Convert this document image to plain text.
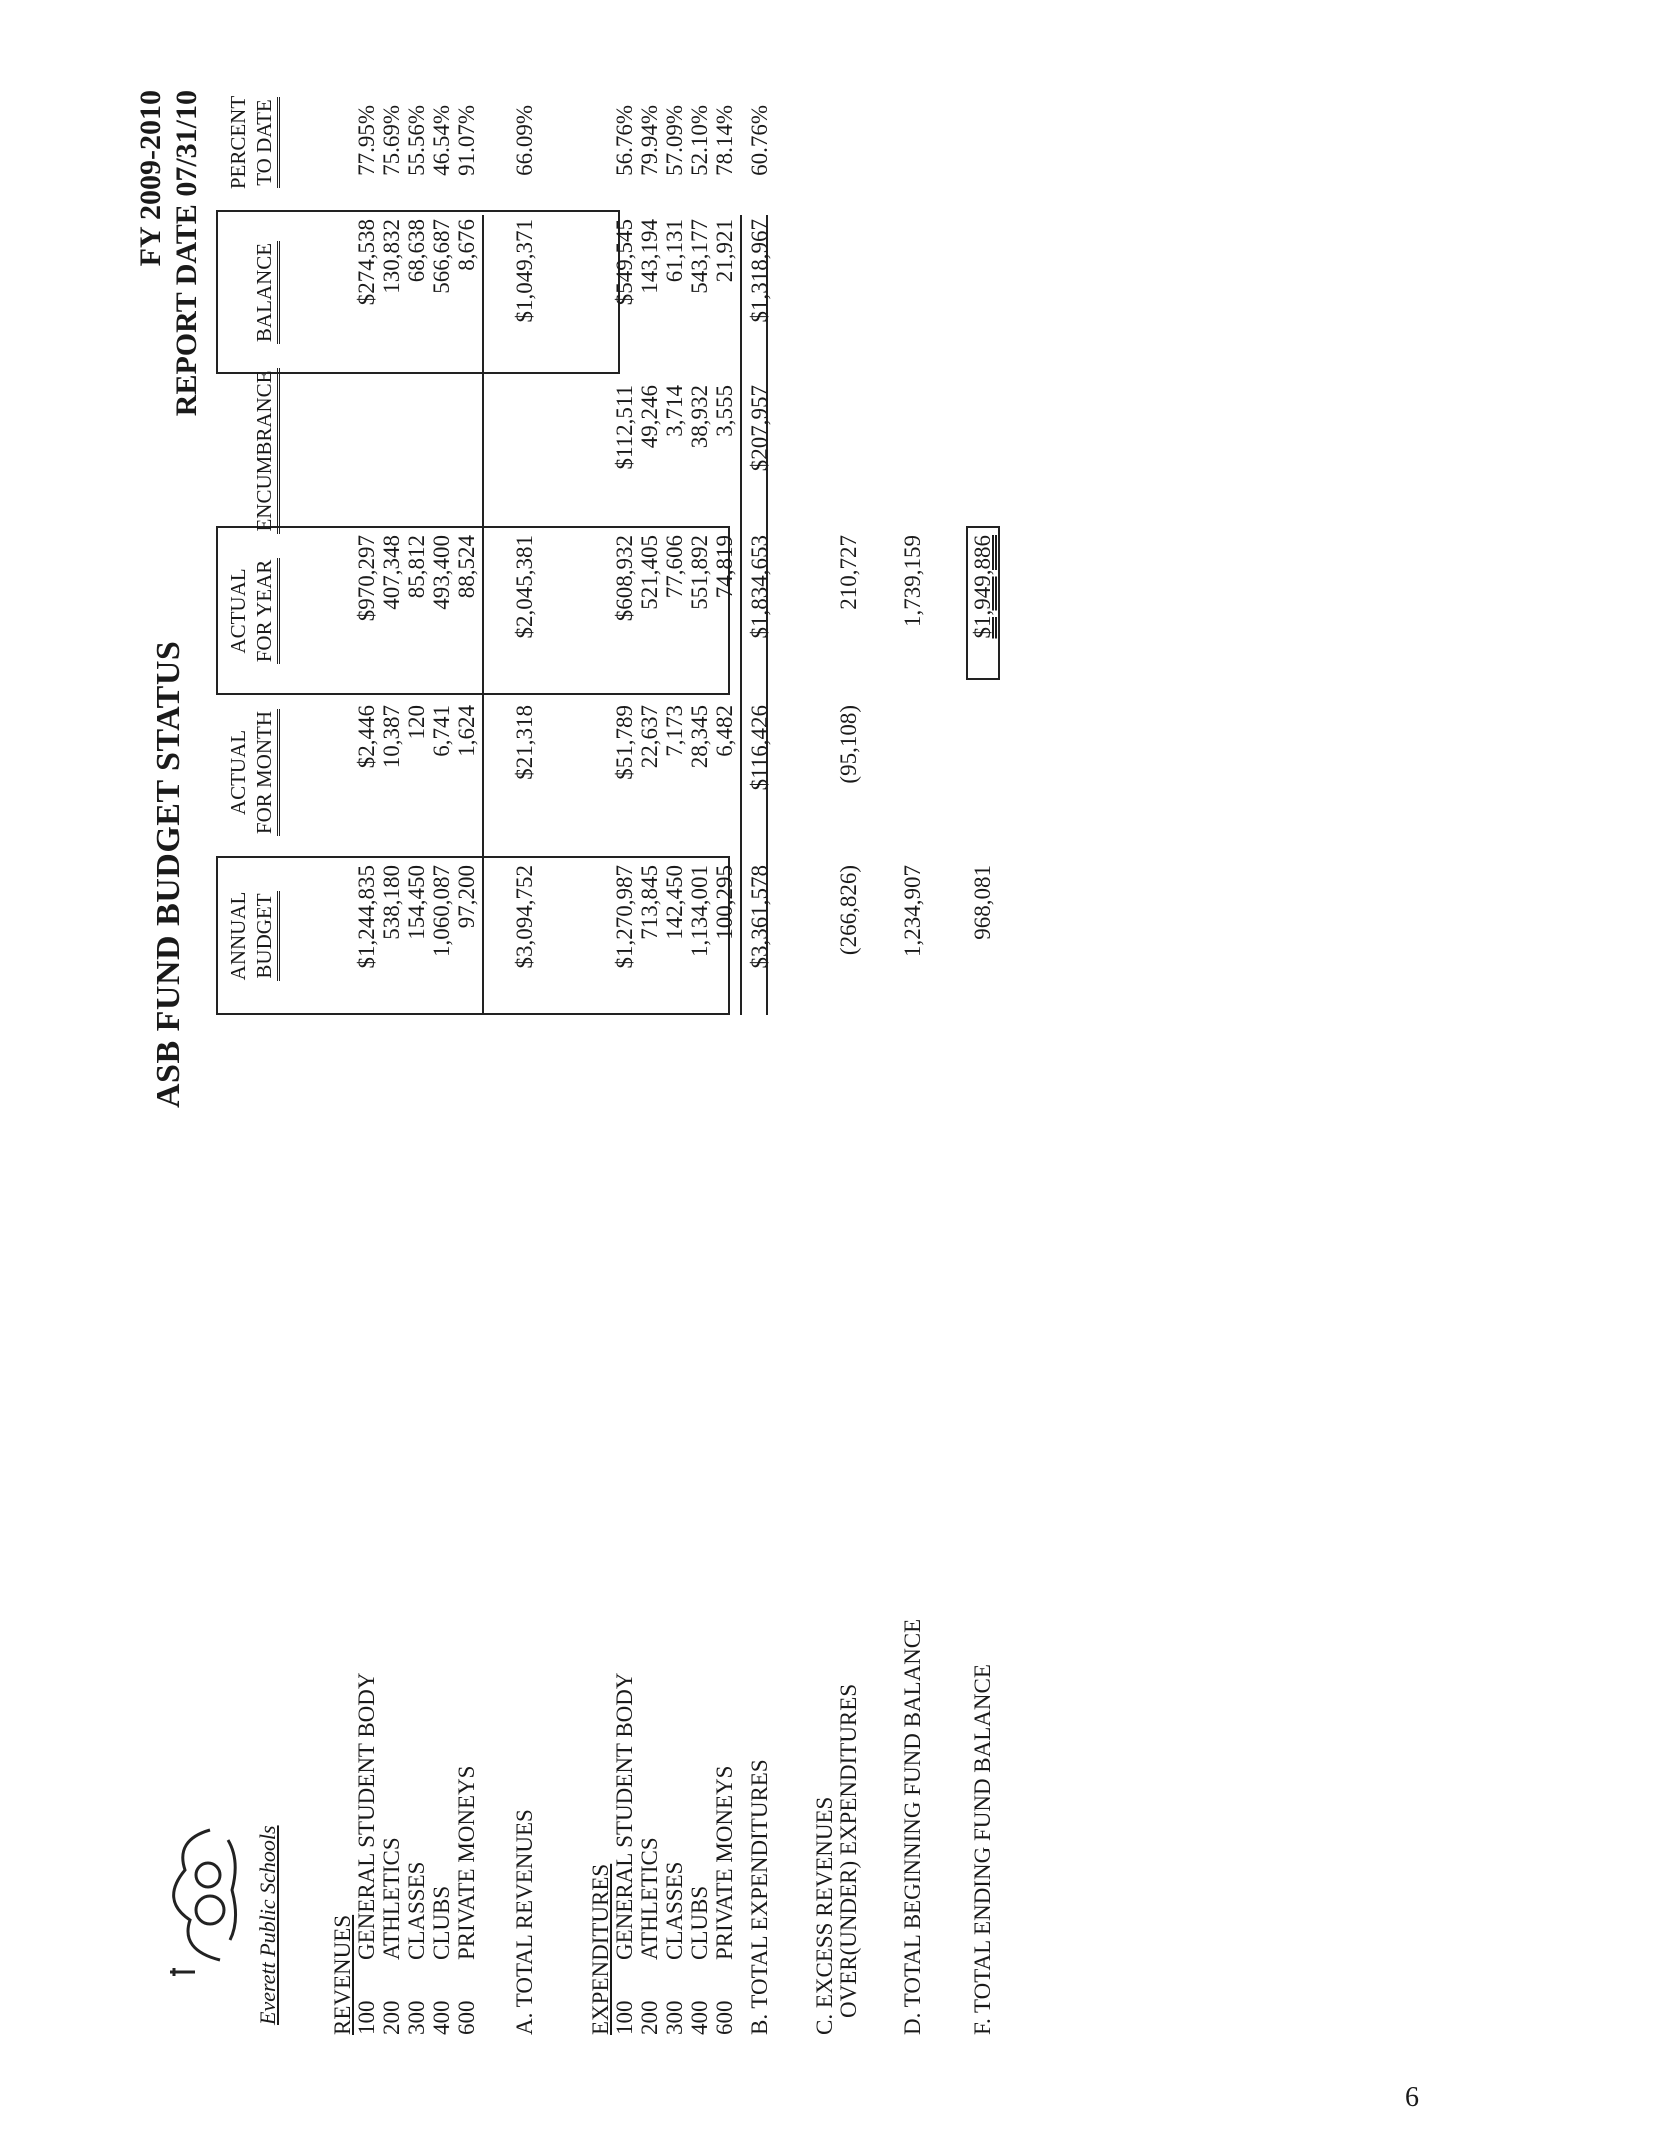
Everett Public Schools
ASB FUND BUDGET STATUS
FY 2009-2010 REPORT DATE 07/31/10
ANNUAL BUDGET
ACTUAL FOR MONTH
ACTUAL FOR YEAR
ENCUMBRANCE
BALANCE
PERCENT TO DATE
REVENUES 100
GENERAL STUDENT BODY
$1,244,835
$2,446
$970,297
$274,538
77.95%
200
ATHLETICS
538,180
10,387
407,348
130,832
75.69%
300
CLASSES
154,450
120
85,812
68,638
55.56%
400
CLUBS
1,060,087
6,741
493,400
566,687
46.54%
600
PRIVATE MONEYS
97,200
1,624
88,524
8,676
91.07%
A. TOTAL REVENUES
$3,094,752
$21,318
$2,045,381
$1,049,371
66.09%
EXPENDITURES 100
GENERAL STUDENT BODY
$1,270,987
$51,789
$608,932
$112,511
$549,545
56.76%
200
ATHLETICS
713,845
22,637
521,405
49,246
143,194
79.94%
300
CLASSES
142,450
7,173
77,606
3,714
61,131
57.09%
400
CLUBS
1,134,001
28,345
551,892
38,932
543,177
52.10%
600
PRIVATE MONEYS
100,295
6,482
74,819
3,555
21,921
78.14%
B. TOTAL EXPENDITURES
$3,361,578
$116,426
$1,834,653
$207,957
$1,318,967
60.76%
C. EXCESS REVENUES OVER(UNDER) EXPENDITURES
(266,826)
(95,108)
210,727
D. TOTAL BEGINNING FUND BALANCE
1,234,907
1,739,159
F. TOTAL ENDING FUND BALANCE
968,081
$1,949,886
6
